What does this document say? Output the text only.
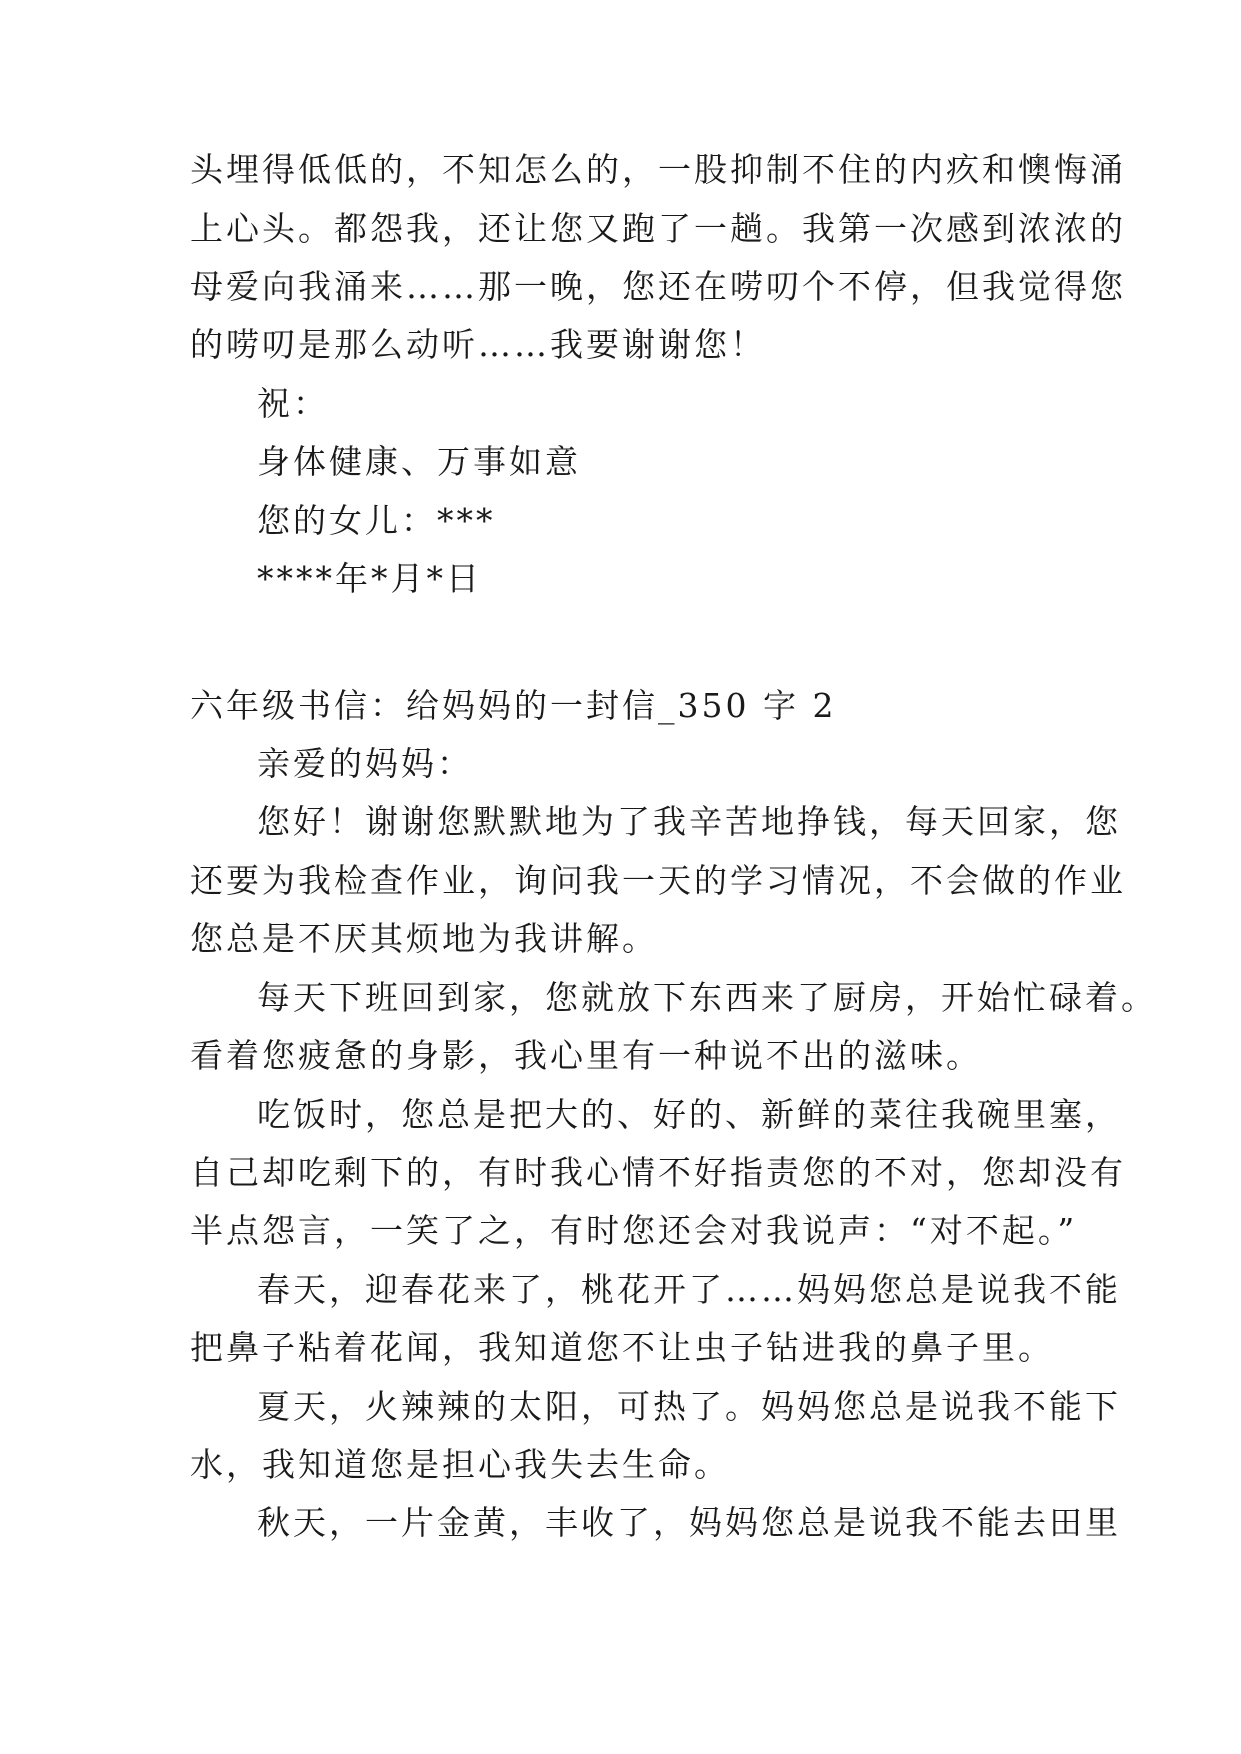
头埋得低低的，不知怎么的，一股抑制不住的内疚和懊悔涌
上心头。都怨我，还让您又跑了一趟。我第一次感到浓浓的
母爱向我涌来……那一晚，您还在唠叨个不停，但我觉得您
的唠叨是那么动听……我要谢谢您！
祝：
身体健康、万事如意
您的女儿：***
****年*月*日
六年级书信：给妈妈的一封信_350 字 2
亲爱的妈妈：
您好！谢谢您默默地为了我辛苦地挣钱，每天回家，您
还要为我检查作业，询问我一天的学习情况，不会做的作业
您总是不厌其烦地为我讲解。
每天下班回到家，您就放下东西来了厨房，开始忙碌着。
看着您疲惫的身影，我心里有一种说不出的滋味。
吃饭时，您总是把大的、好的、新鲜的菜往我碗里塞，
自己却吃剩下的，有时我心情不好指责您的不对，您却没有
半点怨言，一笑了之，有时您还会对我说声：“对不起。”
春天，迎春花来了，桃花开了……妈妈您总是说我不能
把鼻子粘着花闻，我知道您不让虫子钻进我的鼻子里。
夏天，火辣辣的太阳，可热了。妈妈您总是说我不能下
水，我知道您是担心我失去生命。
秋天，一片金黄，丰收了，妈妈您总是说我不能去田里
